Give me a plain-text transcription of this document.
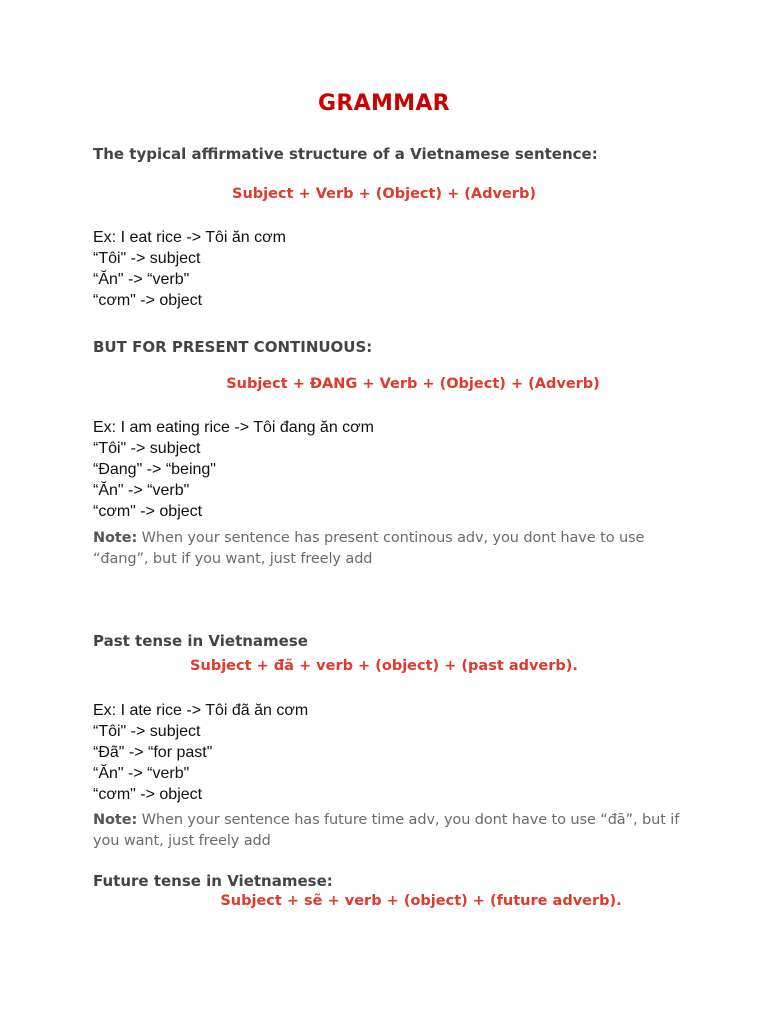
GRAMMAR
The typical affirmative structure of a Vietnamese sentence:
Subject + Verb + (Object) + (Adverb)
Ex: I eat rice -> Tôi ăn cơm
“Tôi" -> subject
“Ăn" -> “verb"
“cơm" -> object
BUT FOR PRESENT CONTINUOUS:
Subject + ĐANG + Verb + (Object) + (Adverb)
Ex: I am eating rice -> Tôi đang ăn cơm
“Tôi" -> subject
“Đang" -> “being"
“Ăn" -> “verb"
“cơm" -> object

Note: When your sentence has present continous adv, you dont have to use “đang”, but if you want, just freely add

Past tense in Vietnamese
Subject + đã + verb + (object) + (past adverb).
Ex: I ate rice -> Tôi đã ăn cơm
“Tôi" -> subject
“Đã" -> “for past"
“Ăn" -> “verb"
“cơm" -> object

Note: When your sentence has future time adv, you dont have to use “đã”, but if you want, just freely add

Future tense in Vietnamese:
Subject + sẽ + verb + (object) + (future adverb).
